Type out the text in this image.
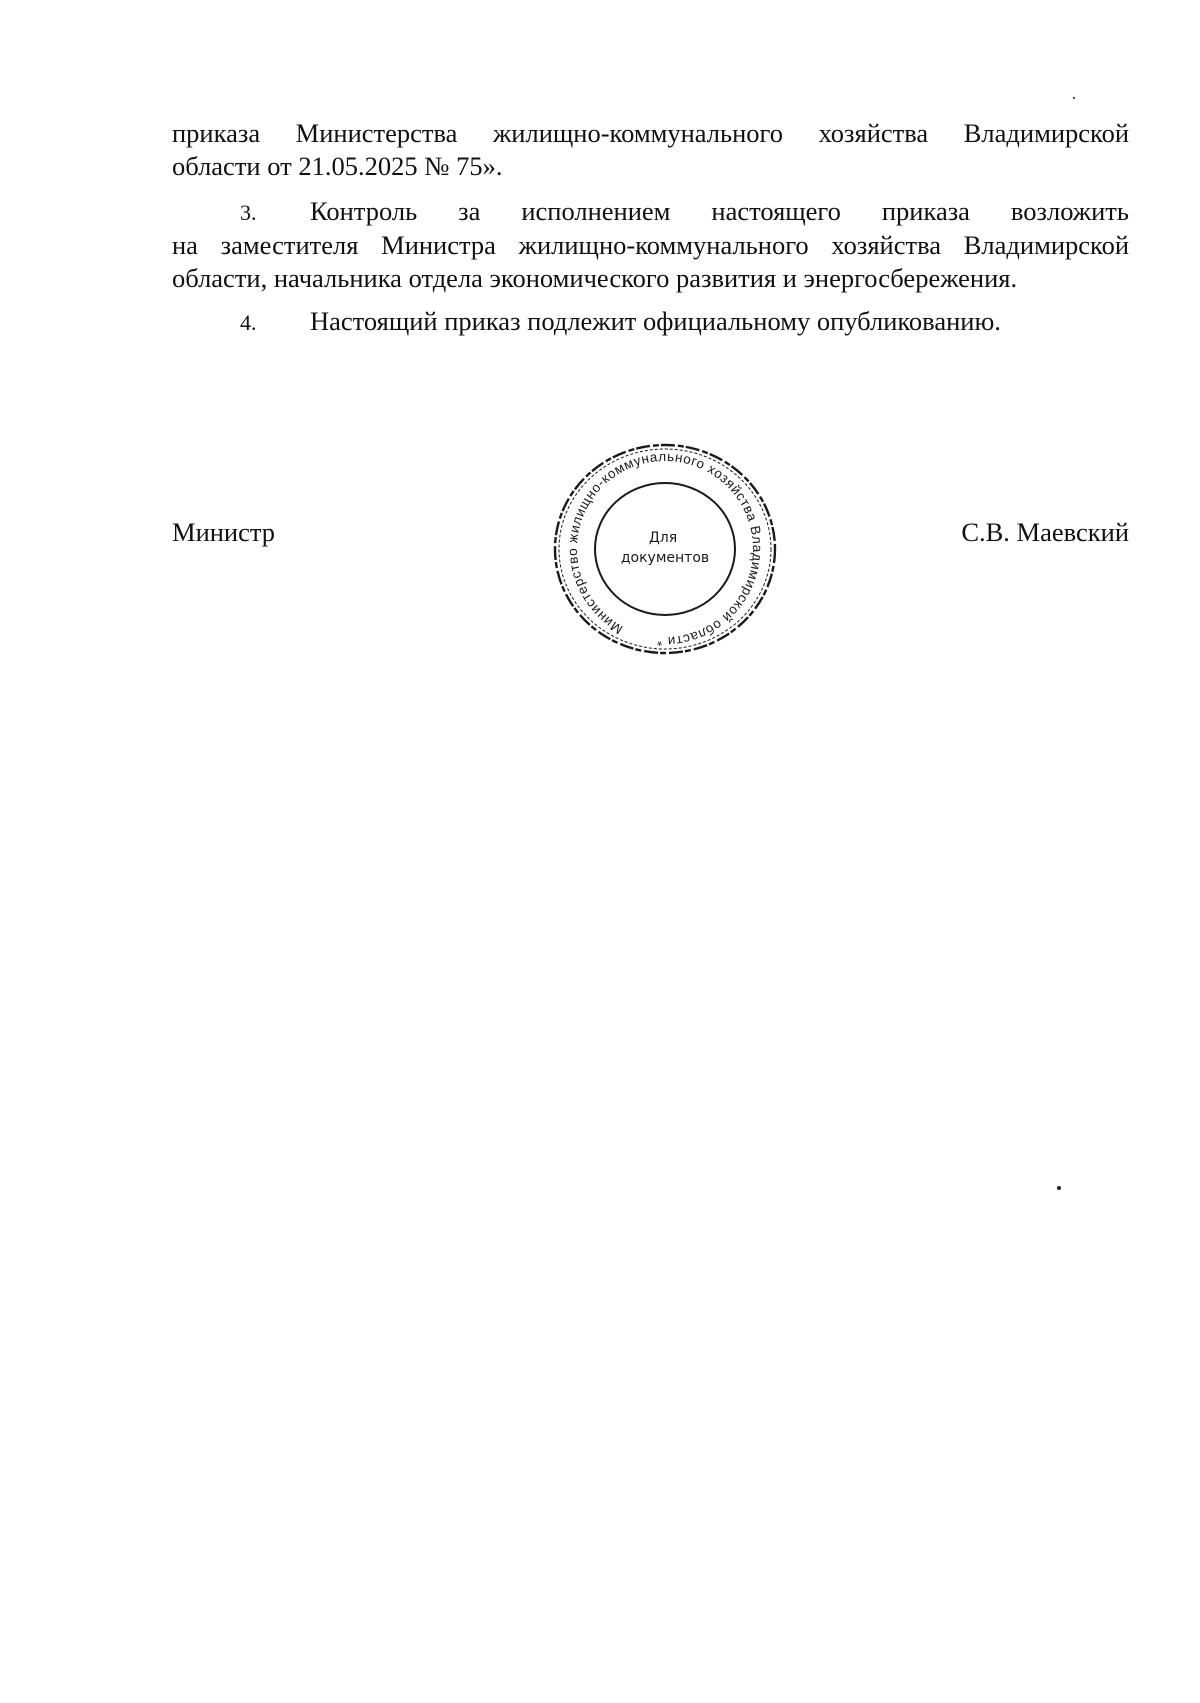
приказа Министерства жилищно-коммунального хозяйства Владимирской
области от 21.05.2025 № 75».
3.	Контроль за исполнением настоящего приказа возложить
на заместителя Министра жилищно-коммунального хозяйства Владимирской области, начальника отдела экономического развития и энергосбережения.
4. Настоящий приказ подлежит официальному опубликованию.
Министр	С.В. Маевский
Министерство жилищно-коммунального хозяйства Владимирской области *
Для
документов
